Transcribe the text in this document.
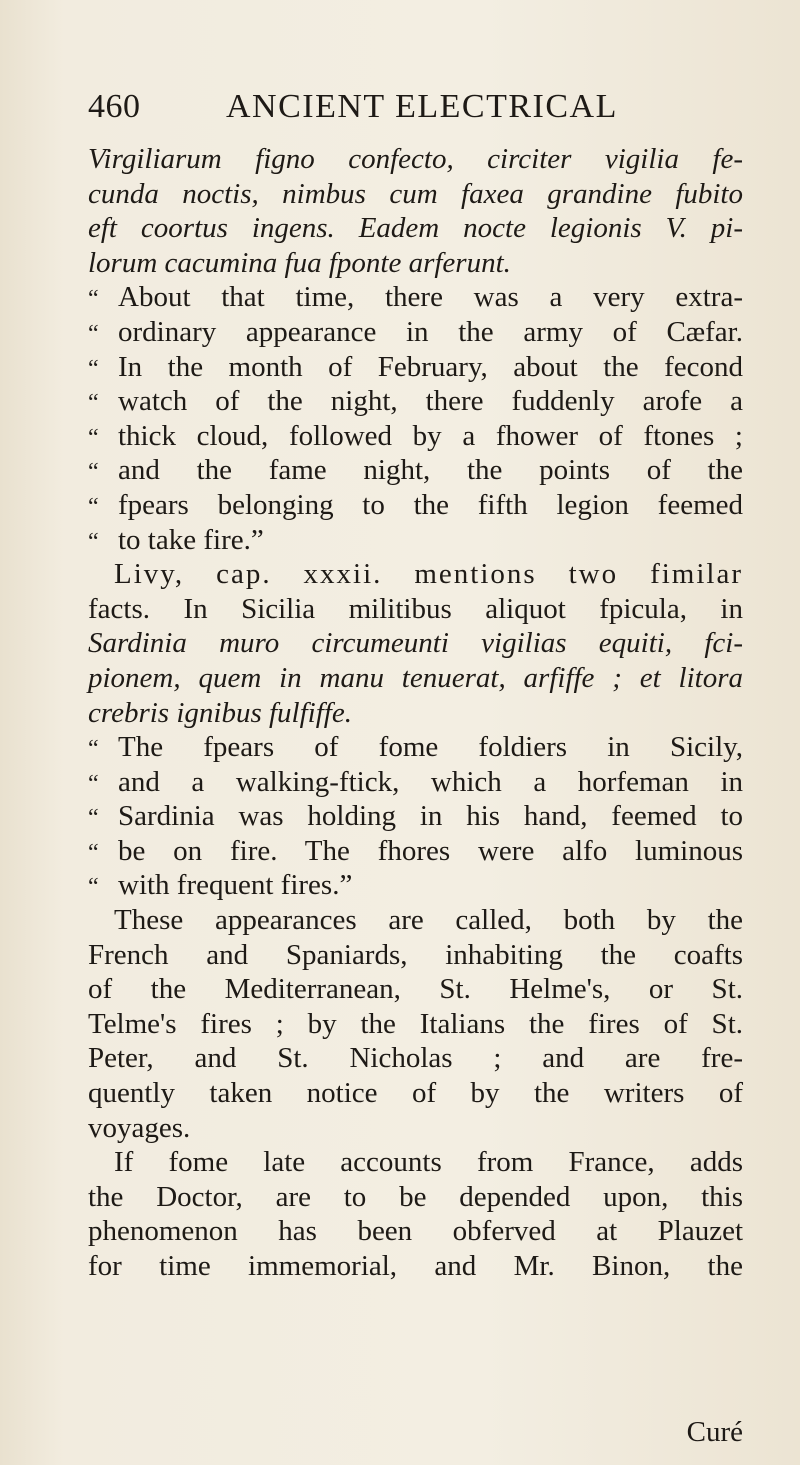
460	ANCIENT ELECTRICAL
Virgiliarum figno confecto, circiter vigilia fe-
cunda noctis, nimbus cum faxea grandine fubito
eft coortus ingens. Eadem nocte legionis V. pi-
lorum cacumina fua fponte arferunt.
“ About that time, there was a very extra-
“ ordinary appearance in the army of Cæfar.
“ In the month of February, about the fecond
“ watch of the night, there fuddenly arofe a
“ thick cloud, followed by a fhower of ftones ;
“ and the fame night, the points of the
“ fpears belonging to the fifth legion feemed
“ to take fire.”
Livy, cap. xxxii. mentions two fimilar
facts. In Sicilia militibus aliquot fpicula, in
Sardinia muro circumeunti vigilias equiti, fci-
pionem, quem in manu tenuerat, arfiffe ; et litora
crebris ignibus fulfiffe.
“ The fpears of fome foldiers in Sicily,
“ and a walking-ftick, which a horfeman in
“ Sardinia was holding in his hand, feemed to
“ be on fire. The fhores were alfo luminous
“ with frequent fires.”
These appearances are called, both by the
French and Spaniards, inhabiting the coafts
of the Mediterranean, St. Helme's, or St.
Telme's fires ; by the Italians the fires of St.
Peter, and St. Nicholas ; and are fre-
quently taken notice of by the writers of
voyages.
If fome late accounts from France, adds
the Doctor, are to be depended upon, this
phenomenon has been obferved at Plauzet
for time immemorial, and Mr. Binon, the
Curé
